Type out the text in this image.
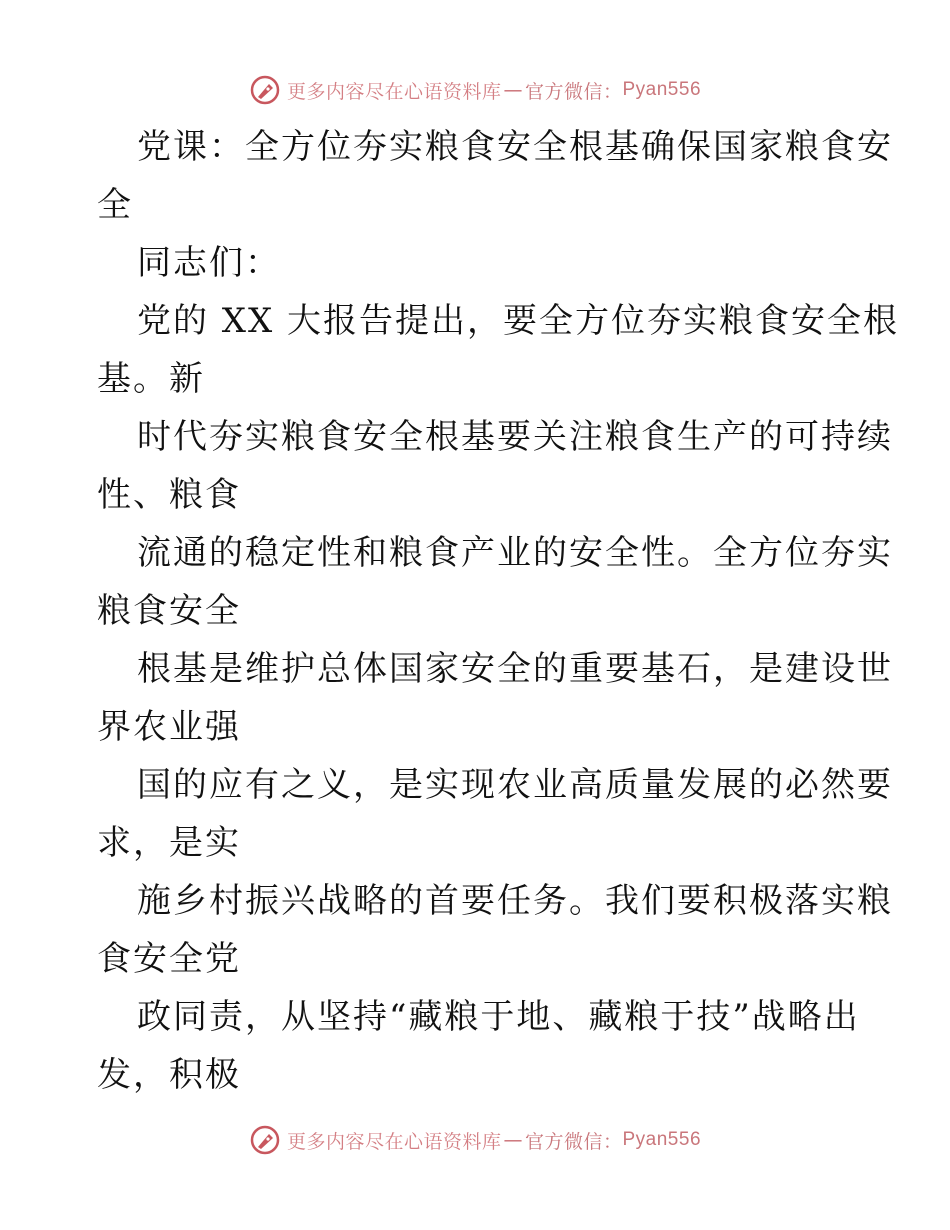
更多内容尽在心语资料库 — 官方微信： Pyan556
党课：全方位夯实粮食安全根基确保国家粮食安
全
同志们：
党的 XX 大报告提出，要全方位夯实粮食安全根
基。新
时代夯实粮食安全根基要关注粮食生产的可持续
性、粮食
流通的稳定性和粮食产业的安全性。全方位夯实
粮食安全
根基是维护总体国家安全的重要基石，是建设世
界农业强
国的应有之义，是实现农业高质量发展的必然要
求，是实
施乡村振兴战略的首要任务。我们要积极落实粮
食安全党
政同责，从坚持“藏粮于地、藏粮于技”战略出
发，积极
更多内容尽在心语资料库 — 官方微信： Pyan556
